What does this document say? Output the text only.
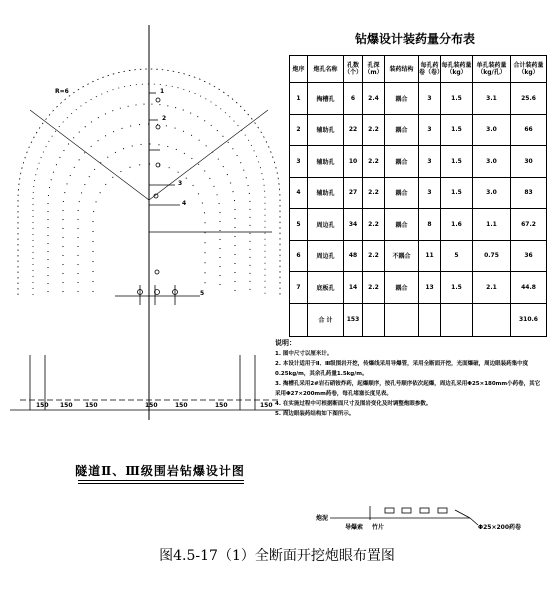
R=6
150 150 150	150	150	150	150
1
2
3
4
5
炮泥
导爆索 竹片	Φ25×200药卷
钻爆设计装药量分布表
炮序	炮孔名称	孔数（个）	孔深（m）	装药结构	每孔药卷（卷）	每孔装药量（kg）	单孔装药量（kg/孔）	合计装药量（kg）
1	掏槽孔	6	2.4	耦合	3	1.5	3.1	25.6
2	辅助孔	22	2.2	耦合	3	1.5	3.0	66
3	辅助孔	10	2.2	耦合	3	1.5	3.0	30
4	辅助孔	27	2.2	耦合	3	1.5	3.0	83
5	周边孔	34	2.2	耦合	8	1.6	1.1	67.2
6	周边孔	48	2.2	不耦合	11	5	0.75	36
7	底板孔	14	2.2	耦合	13	1.5	2.1	44.8
	合 计	153						310.6
说明：
1. 图中尺寸以厘米计。
2. 本设计适用于Ⅱ、Ⅲ级围岩开挖，传爆线采用导爆管，采用全断面开挖，光面爆破，周边眼装药集中度0.25kg/m，其余孔药量1.5kg/m。
3. 掏槽孔采用2#岩石硝铵炸药，起爆顺序，按孔号顺序依次起爆，周边孔采用Φ25×180mm小药卷，其它采用Φ27×200mm药卷，每孔堵塞长度见表。
4. 在实施过程中可根据断面尺寸及围岩变化及时调整炮眼参数。
5. 周边眼装药结构如下图所示。
隧道Ⅱ、Ⅲ级围岩钻爆设计图
图4.5-17（1）全断面开挖炮眼布置图
